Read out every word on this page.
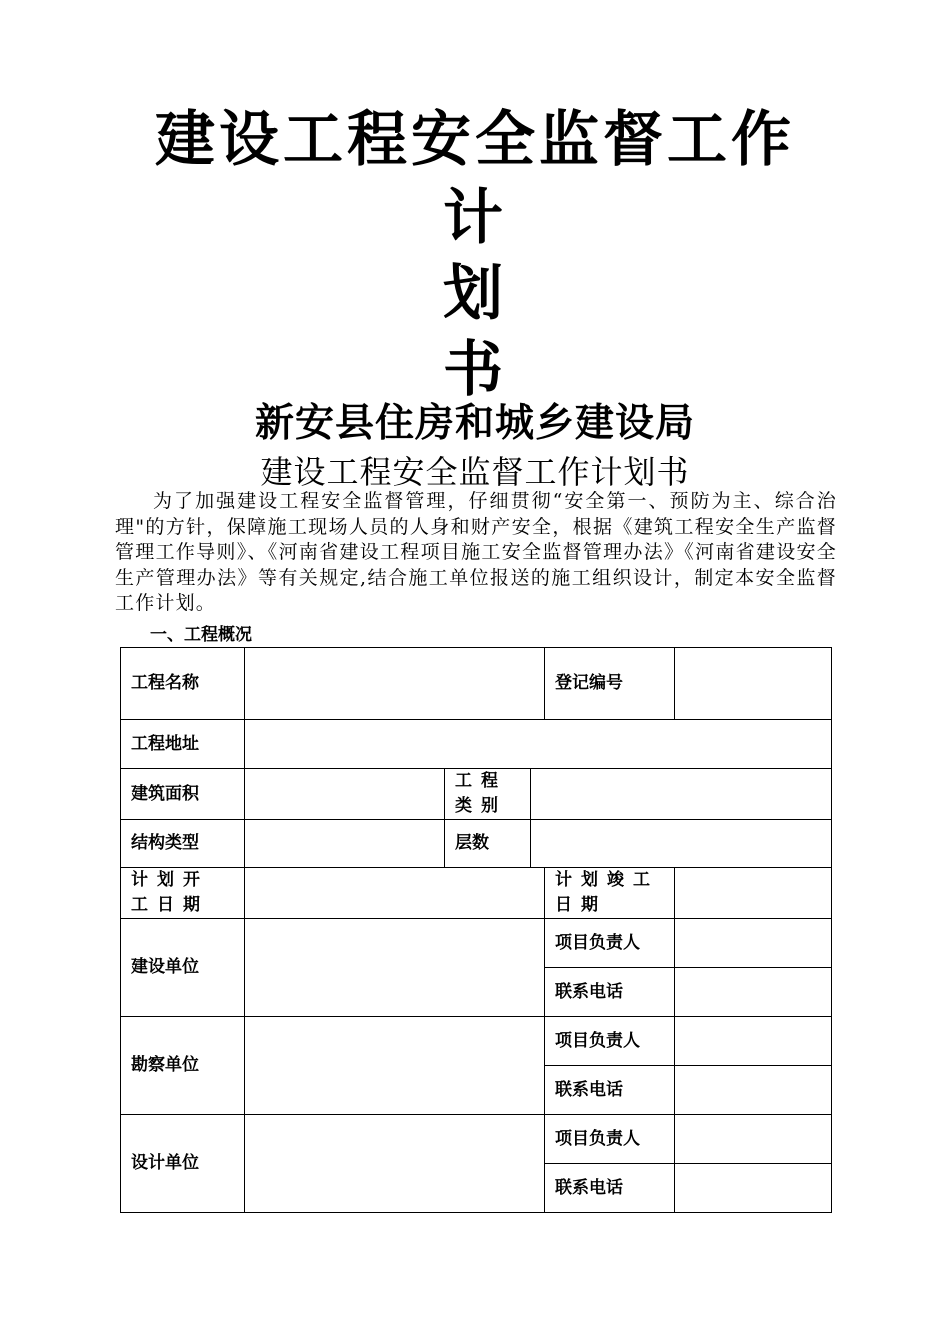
建设工程安全监督工作
计
划
书
新安县住房和城乡建设局
建设工程安全监督工作计划书
为了加强建设工程安全监督管理，仔细贯彻“安全第一、预防为主、综合治理"的方针，保障施工现场人员的人身和财产安全，根据《建筑工程安全生产监督管理工作导则》、《河南省建设工程项目施工安全监督管理办法》《河南省建设安全生产管理办法》等有关规定,结合施工单位报送的施工组织设计，制定本安全监督工作计划。
一、工程概况
工程名称				登记编号	
工程地址					
建筑面积		工程类别			
结构类型		层数			
计划开工日期				计划竣工日期	
建设单位				项目负责人	
				联系电话	
勘察单位				项目负责人	
				联系电话	
设计单位				项目负责人	
				联系电话	
